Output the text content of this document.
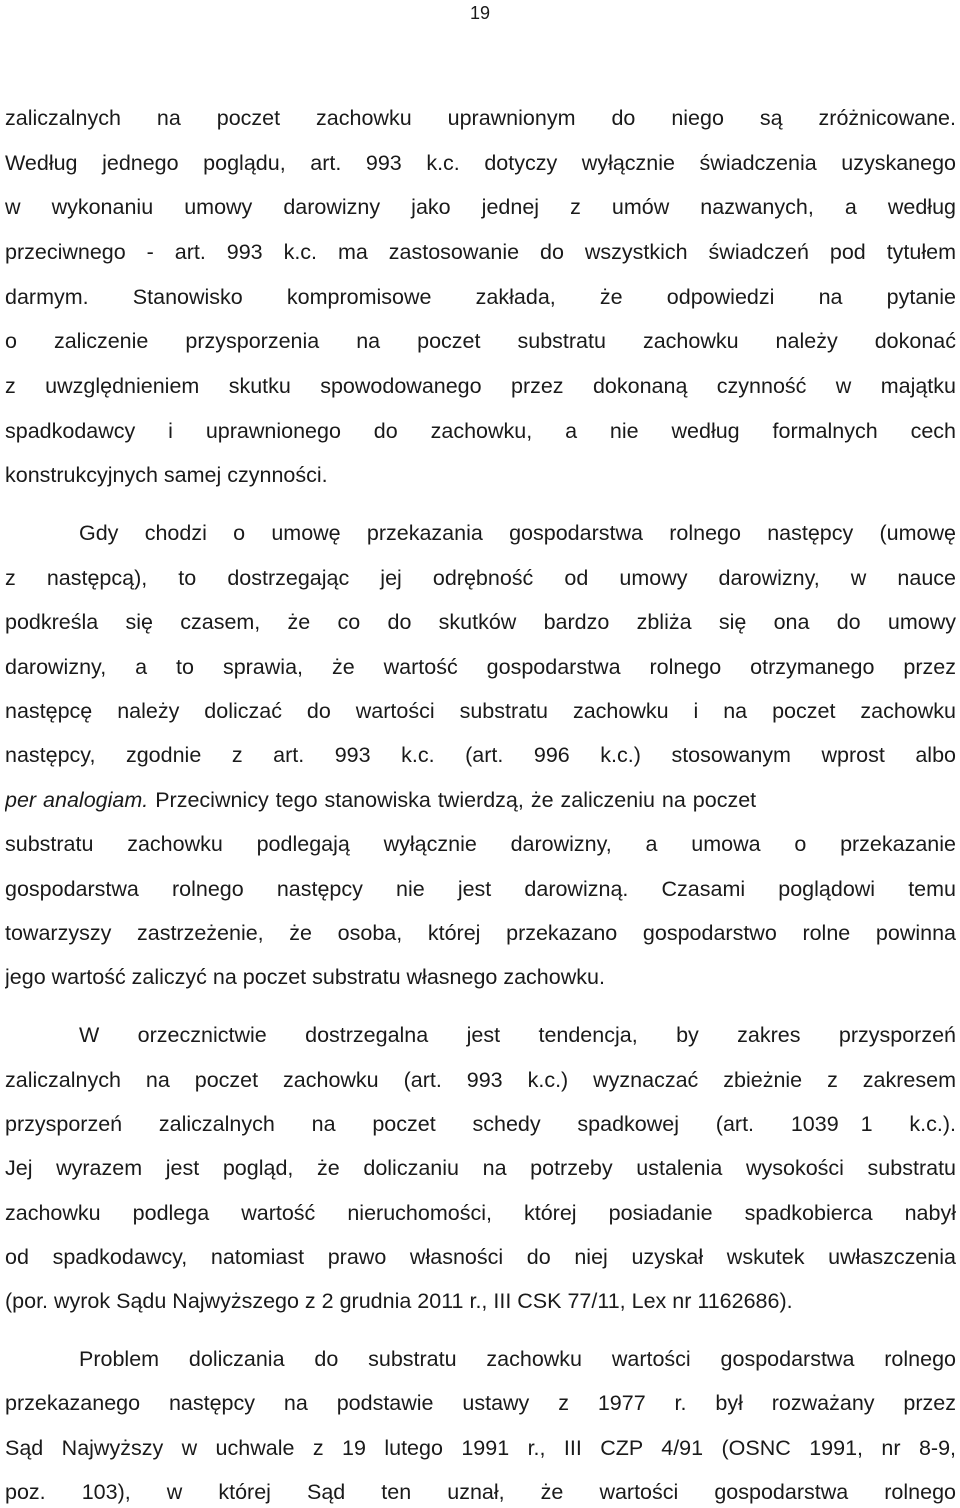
19
zaliczalnych na poczet zachowku uprawnionym do niego są zróżnicowane.
Według jednego poglądu, art. 993 k.c. dotyczy wyłącznie świadczenia uzyskanego
w wykonaniu umowy darowizny jako jednej z umów nazwanych, a według
przeciwnego - art. 993 k.c. ma zastosowanie do wszystkich świadczeń pod tytułem
darmym. Stanowisko kompromisowe zakłada, że odpowiedzi na pytanie
o zaliczenie przysporzenia na poczet substratu zachowku należy dokonać
z uwzględnieniem skutku spowodowanego przez dokonaną czynność w majątku
spadkodawcy i uprawnionego do zachowku, a nie według formalnych cech
konstrukcyjnych samej czynności.
Gdy chodzi o umowę przekazania gospodarstwa rolnego następcy (umowę
z następcą), to dostrzegając jej odrębność od umowy darowizny, w nauce
podkreśla się czasem, że co do skutków bardzo zbliża się ona do umowy
darowizny, a to sprawia, że wartość gospodarstwa rolnego otrzymanego przez
następcę należy doliczać do wartości substratu zachowku i na poczet zachowku
następcy, zgodnie z art. 993 k.c. (art. 996 k.c.) stosowanym wprost albo
per analogiam. Przeciwnicy tego stanowiska twierdzą, że zaliczeniu na poczet
substratu zachowku podlegają wyłącznie darowizny, a umowa o przekazanie
gospodarstwa rolnego następcy nie jest darowizną. Czasami poglądowi temu
towarzyszy zastrzeżenie, że osoba, której przekazano gospodarstwo rolne powinna
jego wartość zaliczyć na poczet substratu własnego zachowku.
W orzecznictwie dostrzegalna jest tendencja, by zakres przysporzeń
zaliczalnych na poczet zachowku (art. 993 k.c.) wyznaczać zbieżnie z zakresem
przysporzeń zaliczalnych na poczet schedy spadkowej (art. 1039 1 k.c.).
Jej wyrazem jest pogląd, że doliczaniu na potrzeby ustalenia wysokości substratu
zachowku podlega wartość nieruchomości, której posiadanie spadkobierca nabył
od spadkodawcy, natomiast prawo własności do niej uzyskał wskutek uwłaszczenia
(por. wyrok Sądu Najwyższego z 2 grudnia 2011 r., III CSK 77/11, Lex nr 1162686).
Problem doliczania do substratu zachowku wartości gospodarstwa rolnego
przekazanego następcy na podstawie ustawy z 1977 r. był rozważany przez
Sąd Najwyższy w uchwale z 19 lutego 1991 r., III CZP 4/91 (OSNC 1991, nr 8-9,
poz. 103), w której Sąd ten uznał, że wartości gospodarstwa rolnego
